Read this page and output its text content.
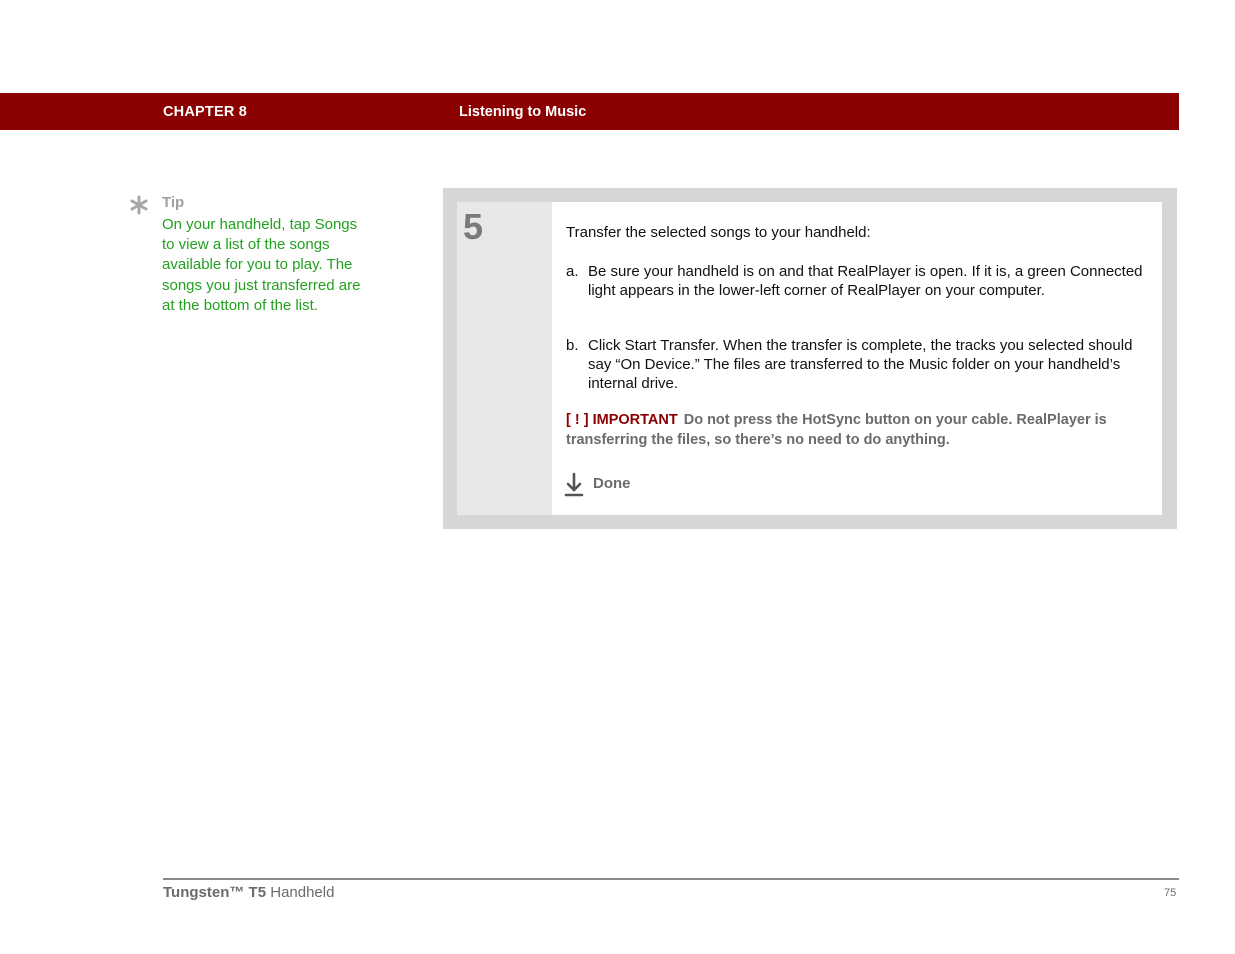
CHAPTER 8	Listening to Music
Tip
On your handheld, tap Songs to view a list of the songs available for you to play. The songs you just transferred are at the bottom of the list.
5	Transfer the selected songs to your handheld:
a. Be sure your handheld is on and that RealPlayer is open. If it is, a green Connected light appears in the lower-left corner of RealPlayer on your computer.
b. Click Start Transfer. When the transfer is complete, the tracks you selected should say “On Device.” The files are transferred to the Music folder on your handheld’s internal drive.
[ ! ] IMPORTANT Do not press the HotSync button on your cable. RealPlayer is transferring the files, so there’s no need to do anything.
Done
Tungsten™ T5 Handheld	75
